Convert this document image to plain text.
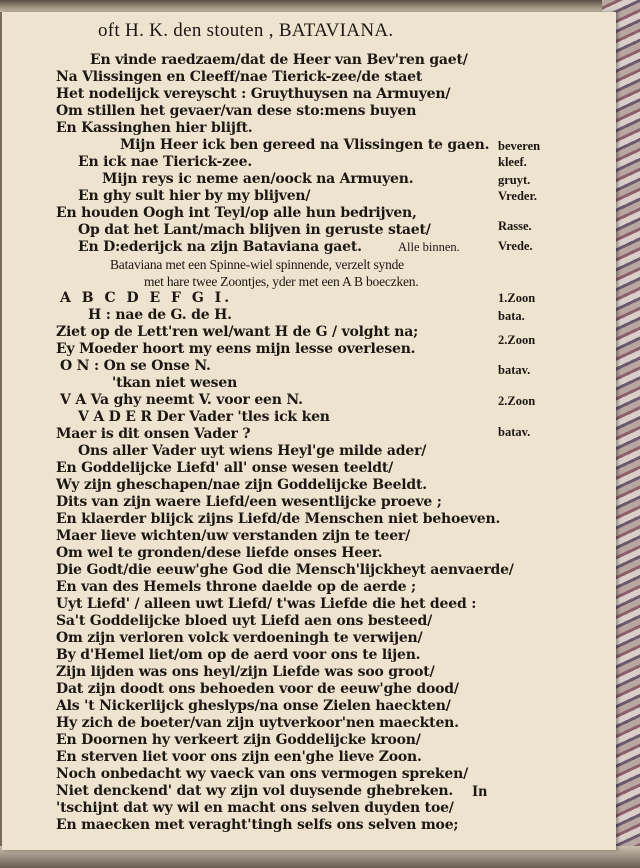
oft H. K. den stouten , BATAVIANA.
En vinde raedzaem/dat de Heer van Bev'ren gaet/
Na Vlissingen en Cleeff/nae Tierick-zee/de staet
Het nodelijck vereyscht : Gruythuysen na Armuyen/
Om stillen het gevaer/van dese sto:mens buyen
En Kassinghen hier blijft.
Mijn Heer ick ben gereed na Vlissingen te gaen.
En ick nae Tierick-zee.
Mijn reys ic neme aen/oock na Armuyen.
En ghy sult hier by my blijven/
En houden Oogh int Teyl/op alle hun bedrijven,
Op dat het Lant/mach blijven in geruste staet/
En D:ederijck na zijn Bataviana gaet.
Bataviana met een Spinne-wiel spinnende, verzelt synde
met hare twee Zoontjes, yder met een A B boeczken.
A B C D E F G I.
H : nae de G. de H.
Ziet op de Lett'ren wel/want H de G / volght na;
Ey Moeder hoort my eens mijn lesse overlesen.
O N : On se Onse N.
'tkan niet wesen
V A Va ghy neemt V. voor een N.
V A D E R Der Vader 'tles ick ken
Maer is dit onsen Vader ?
Ons aller Vader uyt wiens Heyl'ge milde ader/
En Goddelijcke Liefd' all' onse wesen teeldt/
Wy zijn gheschapen/nae zijn Goddelijcke Beeldt.
Dits van zijn waere Liefd/een wesentlijcke proeve ;
En klaerder blijck zijns Liefd/de Menschen niet behoeven.
Maer lieve wichten/uw verstanden zijn te teer/
Om wel te gronden/dese liefde onses Heer.
Die Godt/die eeuw'ghe God die Mensch'lijckheyt aenvaerde/
En van des Hemels throne daelde op de aerde ;
Uyt Liefd' / alleen uwt Liefd/ t'was Liefde die het deed :
Sa't Goddelijcke bloed uyt Liefd aen ons besteed/
Om zijn verloren volck verdoeningh te verwijen/
By d'Hemel liet/om op de aerd voor ons te lijen.
Zijn lijden was ons heyl/zijn Liefde was soo groot/
Dat zijn doodt ons behoeden voor de eeuw'ghe dood/
Als 't Nickerlijck gheslyps/na onse Zielen haeckten/
Hy zich de boeter/van zijn uytverkoor'nen maeckten.
En Doornen hy verkeert zijn Goddelijcke kroon/
En sterven liet voor ons zijn een'ghe lieve Zoon.
Noch onbedacht wy vaeck van ons vermogen spreken/
Niet denckend' dat wy zijn vol duysende ghebreken.
'tschijnt dat wy wil en macht ons selven duyden toe/
En maecken met veraght'tingh selfs ons selven moe;
beveren
kleef.
gruyt.
Vreder.
Rasse.
Vrede.
Alle binnen.
1.Zoon
bata.
2.Zoon
batav.
2.Zoon
batav.
In
